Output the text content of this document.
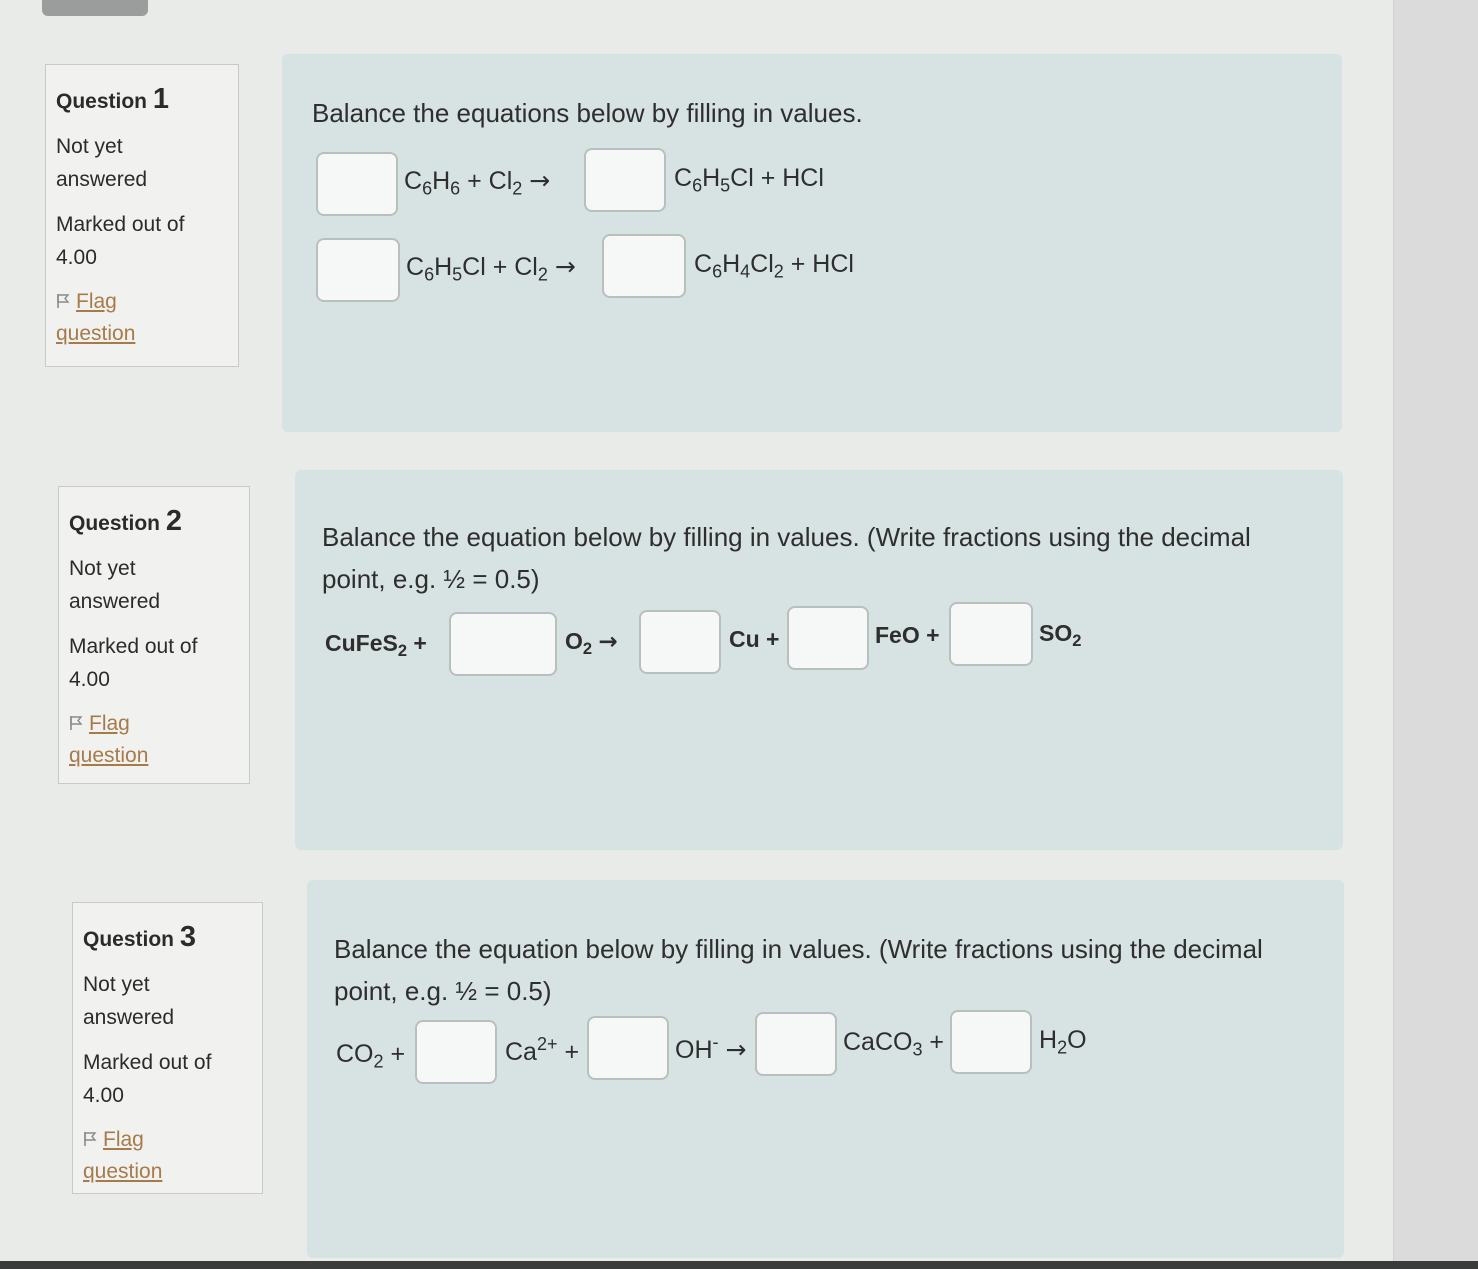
Question 1
Not yet
answered
Marked out of
4.00
Flag
question
Balance the equations below by filling in values.
$C_6H_6 + Cl_2$ →	$C_6H_5Cl$ + HCl
$C_6H_5Cl + Cl_2$ →	$C_6H_4Cl_2$ + HCl
Question 2
Not yet
answered
Marked out of
4.00
Flag
question
Balance the equation below by filling in values. (Write fractions using the decimal
point, e.g. ½ = 0.5)
CuFeS$_2$ +	$O_2$ →	Cu +	FeO +	$SO_2$
Question 3
Not yet
answered
Marked out of
4.00
Flag
question
Balance the equation below by filling in values. (Write fractions using the decimal
point, e.g. ½ = 0.5)
$CO_2$ +	$Ca^{2+}$ +	OH- →	CaCO$_3$ +	$H_2O$
